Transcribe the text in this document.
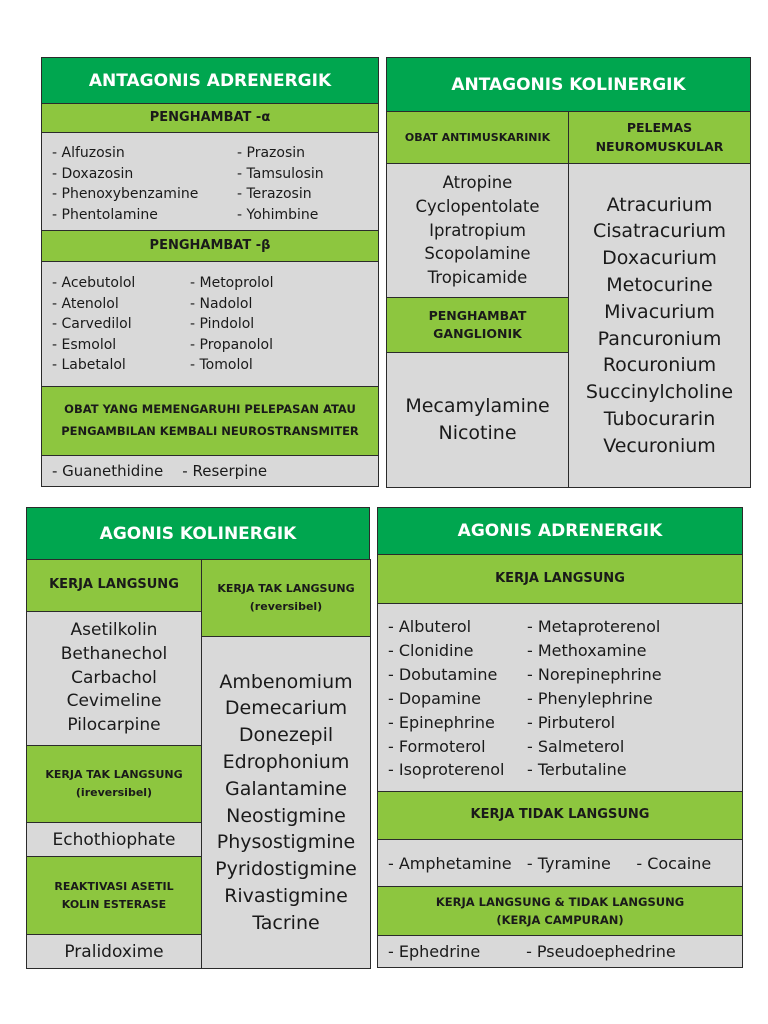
ANTAGONIS ADRENERGIK
PENGHAMBAT -α
- Alfuzosin
- Doxazosin
- Phenoxybenzamine
- Phentolamine
- Prazosin
- Tamsulosin
- Terazosin
- Yohimbine
PENGHAMBAT -β
- Acebutolol
- Atenolol
- Carvedilol
- Esmolol
- Labetalol
- Metoprolol
- Nadolol
- Pindolol
- Propanolol
- Tomolol
OBAT YANG MEMENGARUHI PELEPASAN ATAU
PENGAMBILAN KEMBALI NEUROSTRANSMITER
- Guanethidine - Reserpine
ANTAGONIS KOLINERGIK
OBAT ANTIMUSKARINIK
PELEMAS
NEUROMUSKULAR
Atropine
Cyclopentolate
Ipratropium
Scopolamine
Tropicamide
Atracurium
Cisatracurium
Doxacurium
Metocurine
Mivacurium
Pancuronium
Rocuronium
Succinylcholine
Tubocurarin
Vecuronium
PENGHAMBAT
GANGLIONIK
Mecamylamine
Nicotine
AGONIS KOLINERGIK
KERJA LANGSUNG	KERJA TAK LANGSUNG
(reversibel)
Asetilkolin
Bethanechol
Carbachol
Cevimeline
Pilocarpine
Ambenomium
Demecarium
Donezepil
Edrophonium
Galantamine
Neostigmine
Physostigmine
Pyridostigmine
Rivastigmine
Tacrine
KERJA TAK LANGSUNG
(ireversibel)
Echothiophate
REAKTIVASI ASETIL
KOLIN ESTERASE
Pralidoxime
AGONIS ADRENERGIK
KERJA LANGSUNG
- Albuterol
- Clonidine
- Dobutamine
- Dopamine
- Epinephrine
- Formoterol
- Isoproterenol
- Metaproterenol
- Methoxamine
- Norepinephrine
- Phenylephrine
- Pirbuterol
- Salmeterol
- Terbutaline
KERJA TIDAK LANGSUNG
- Amphetamine - Tyramine - Cocaine
KERJA LANGSUNG & TIDAK LANGSUNG
(KERJA CAMPURAN)
- Ephedrine	- Pseudoephedrine
